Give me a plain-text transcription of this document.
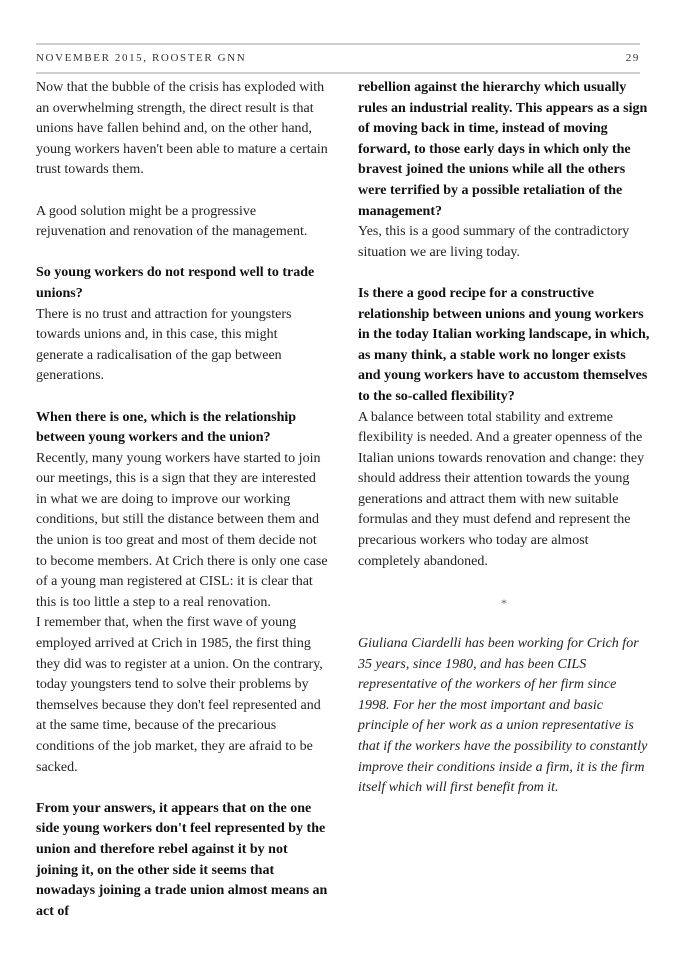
NOVEMBER 2015, ROOSTER GNN	29

Now that the bubble of the crisis has exploded with an overwhelming strength, the direct result is that unions have fallen behind and, on the other hand, young workers haven't been able to mature a certain trust towards them.

A good solution might be a progressive rejuvenation and renovation of the management.

So young workers do not respond well to trade unions?

There is no trust and attraction for youngsters towards unions and, in this case, this might generate a radicalisation of the gap between generations.

When there is one, which is the relationship between young workers and the union?

Recently, many young workers have started to join our meetings, this is a sign that they are interested in what we are doing to improve our working conditions, but still the distance between them and the union is too great and most of them decide not to become members. At Crich there is only one case of a young man registered at CISL: it is clear that this is too little a step to a real renovation.

I remember that, when the first wave of young employed arrived at Crich in 1985, the first thing they did was to register at a union. On the contrary, today youngsters tend to solve their problems by themselves because they don't feel represented and at the same time, because of the precarious conditions of the job market, they are afraid to be sacked.

From your answers, it appears that on the one side young workers don't feel represented by the union and therefore rebel against it by not joining it, on the other side it seems that nowadays joining a trade union almost means an act of

rebellion against the hierarchy which usually rules an industrial reality. This appears as a sign of moving back in time, instead of moving forward, to those early days in which only the bravest joined the unions while all the others were terrified by a possible retaliation of the management?

Yes, this is a good summary of the contradictory situation we are living today.

Is there a good recipe for a constructive relationship between unions and young workers in the today Italian working landscape, in which, as many think, a stable work no longer exists and young workers have to accustom themselves to the so-called flexibility?

A balance between total stability and extreme flexibility is needed. And a greater openness of the Italian unions towards renovation and change: they should address their attention towards the young generations and attract them with new suitable formulas and they must defend and represent the precarious workers who today are almost completely abandoned.

*

Giuliana Ciardelli has been working for Crich for 35 years, since 1980, and has been CILS representative of the workers of her firm since 1998. For her the most important and basic principle of her work as a union representative is that if the workers have the possibility to constantly improve their conditions inside a firm, it is the firm itself which will first benefit from it.
